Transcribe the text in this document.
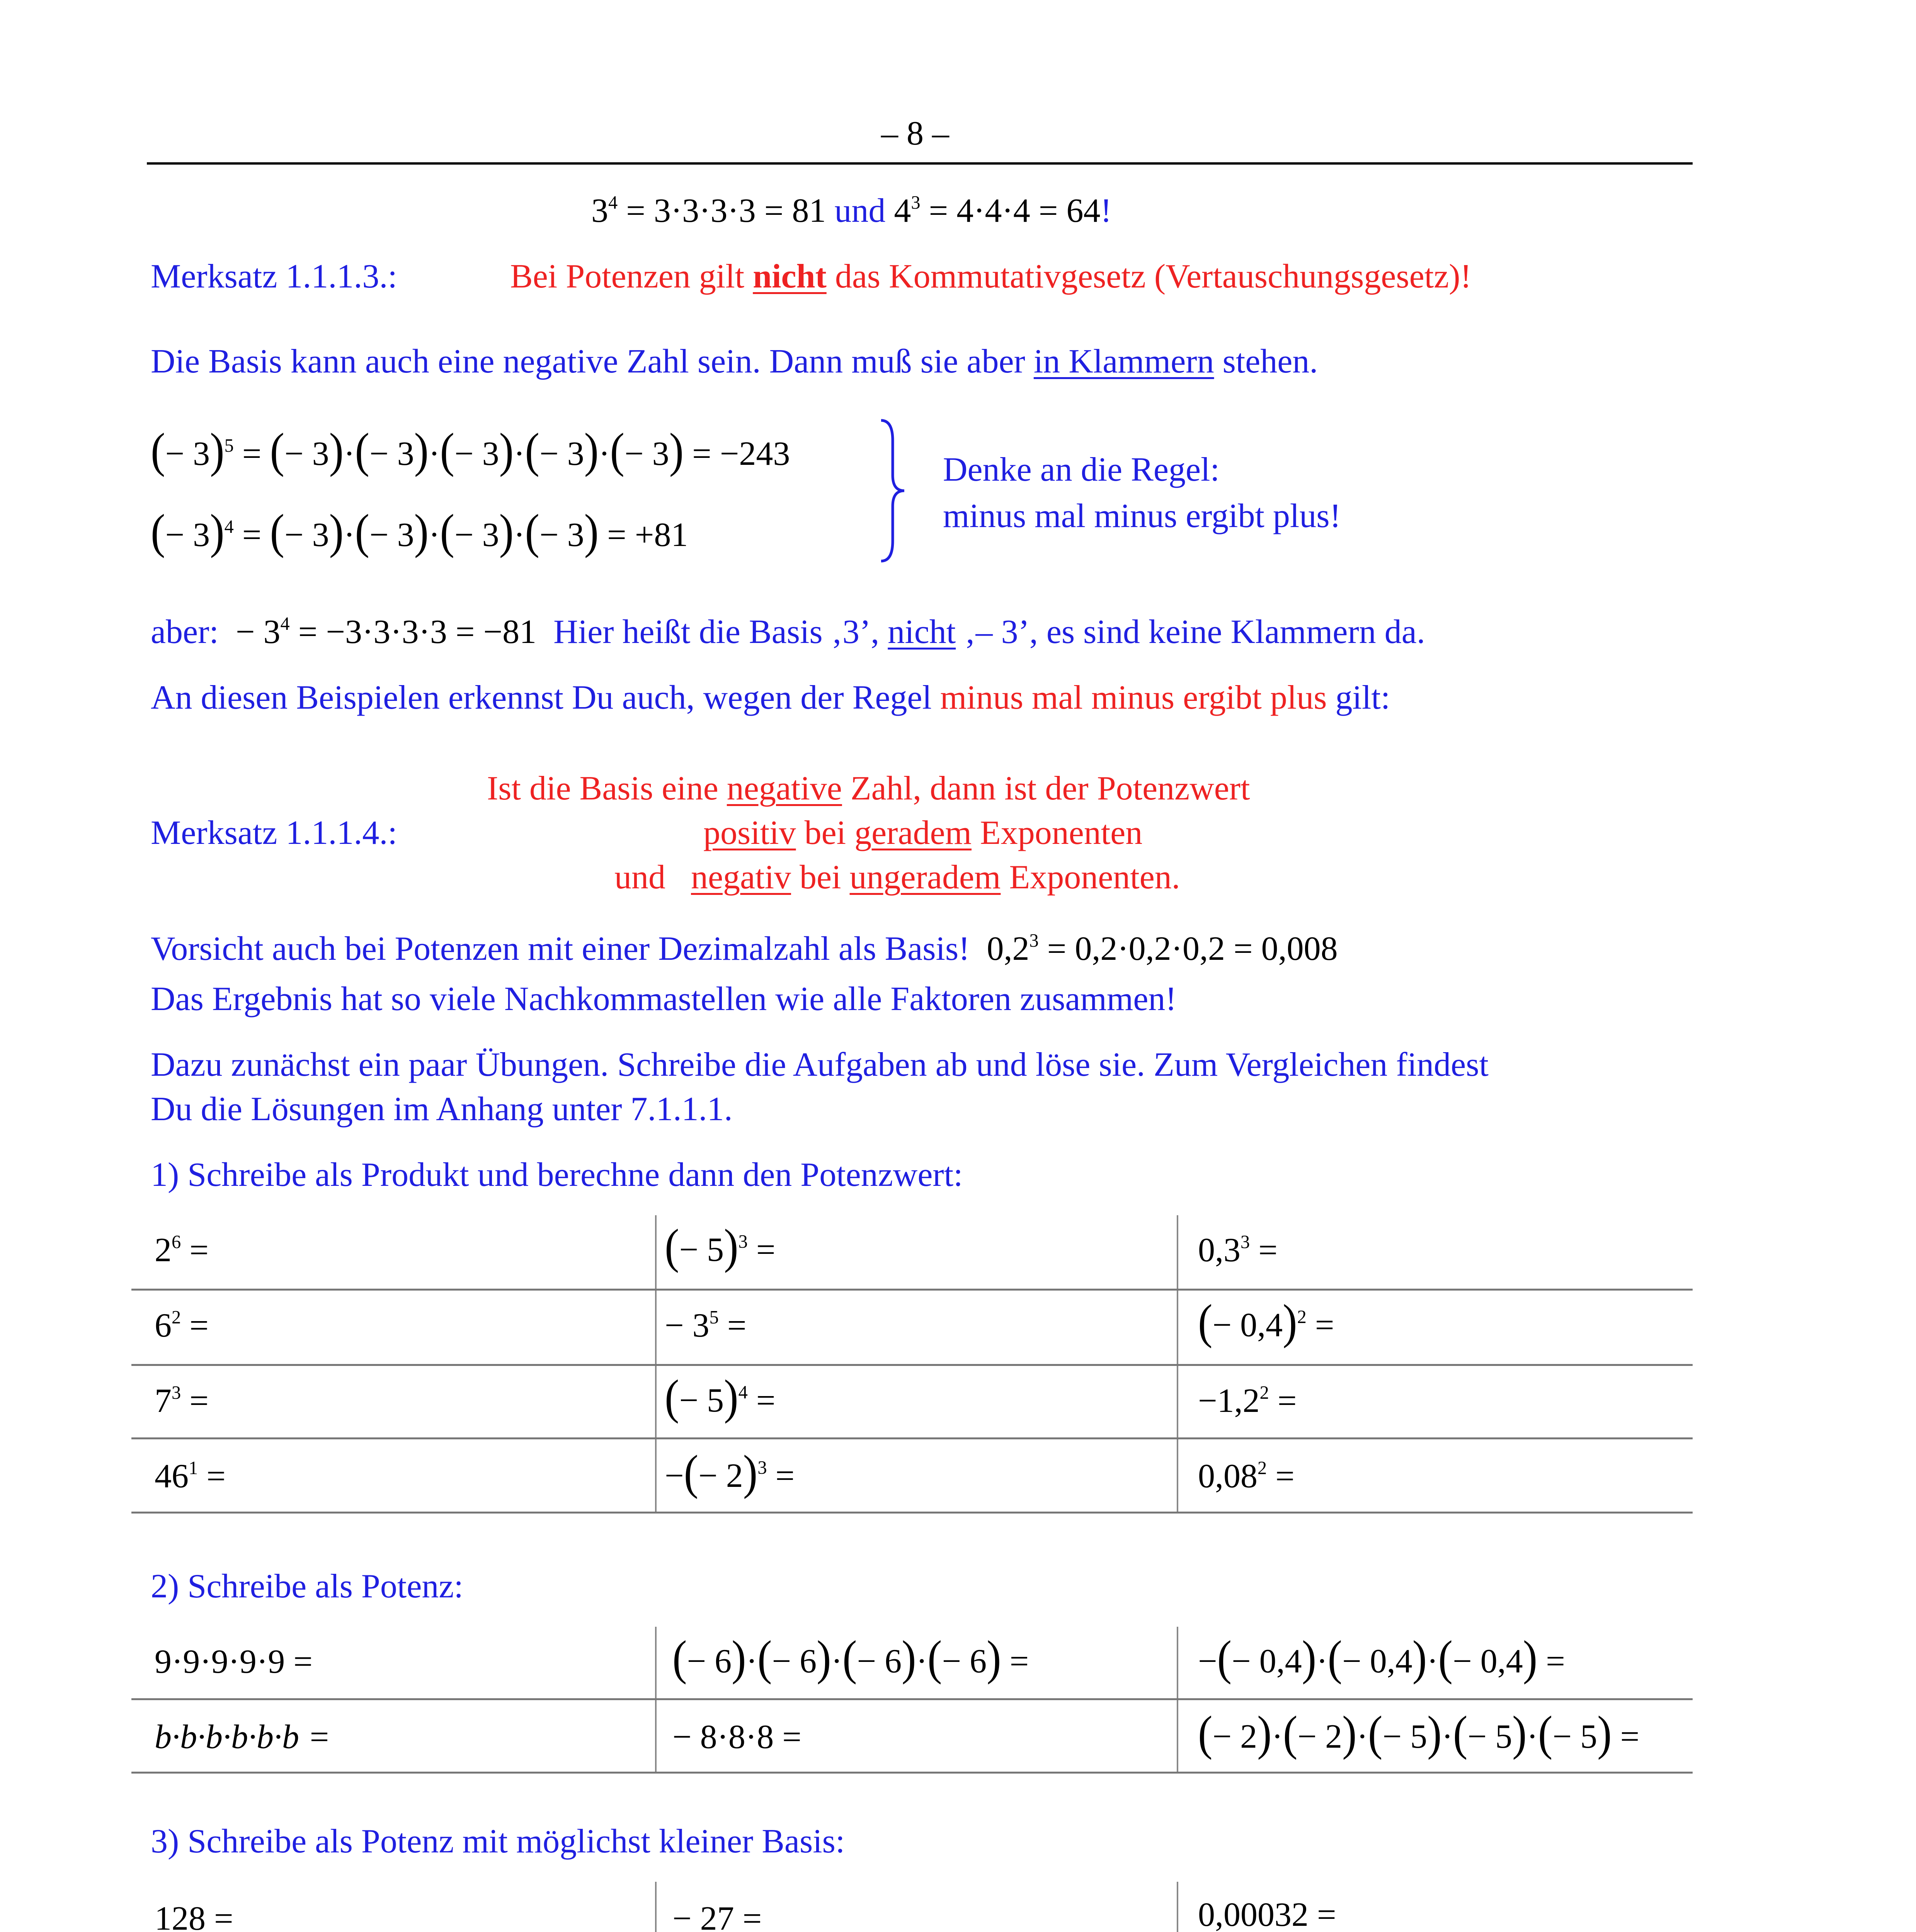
– 8 –
$3^4 = 3\cdot 3\cdot 3\cdot 3 = 81$ und $4^3 = 4\cdot 4\cdot 4 = 64$!
Merksatz 1.1.1.3.:	Bei Potenzen gilt nicht das Kommutativgesetz (Vertauschungsgesetz)!
Die Basis kann auch eine negative Zahl sein. Dann muß sie aber in Klammern stehen.
(− 3)$^5$ = (− 3)·(− 3)·(− 3)·(− 3)·(− 3) = −243
(− 3)$^4$ = (− 3)·(− 3)·(− 3)·(− 3) = +81
Denke an die Regel:
minus mal minus ergibt plus!
aber:  − $3^4 = -3\cdot 3\cdot 3\cdot 3 = -81$  Hier heißt die Basis ‚3’, nicht ‚– 3’, es sind keine Klammern da.
An diesen Beispielen erkennst Du auch, wegen der Regel minus mal minus ergibt plus gilt:
Ist die Basis eine negative Zahl, dann ist der Potenzwert
Merksatz 1.1.1.4.:	positiv bei geradem Exponenten
und negativ bei ungeradem Exponenten.
Vorsicht auch bei Potenzen mit einer Dezimalzahl als Basis!  $0,2^3 = 0,2\cdot 0,2\cdot 0,2 = 0,008$
Das Ergebnis hat so viele Nachkommastellen wie alle Faktoren zusammen!
Dazu zunächst ein paar Übungen. Schreibe die Aufgaben ab und löse sie. Zum Vergleichen findest
Du die Lösungen im Anhang unter 7.1.1.1.
1) Schreibe als Produkt und berechne dann den Potenzwert:
$2^6$ =	(− 5)$^3$ =	$0,3^3$ =
$6^2$ =	− $3^5$ =	(− 0,4)$^2$ =
$7^3$ =	(− 5)$^4$ =	$-1,2^2$ =
$46^1$ =	−(− 2)$^3$ =	$0,08^2$ =
2) Schreibe als Potenz:
9·9·9·9·9 =	(− 6)·(− 6)·(− 6)·(− 6) =	−(− 0,4)·(− 0,4)·(− 0,4) =
b·b·b·b·b·b =	− 8·8·8 =	(− 2)·(− 2)·(− 5)·(− 5)·(− 5) =
3) Schreibe als Potenz mit möglichst kleiner Basis:
128 =	− 27 =	0,00032 =
